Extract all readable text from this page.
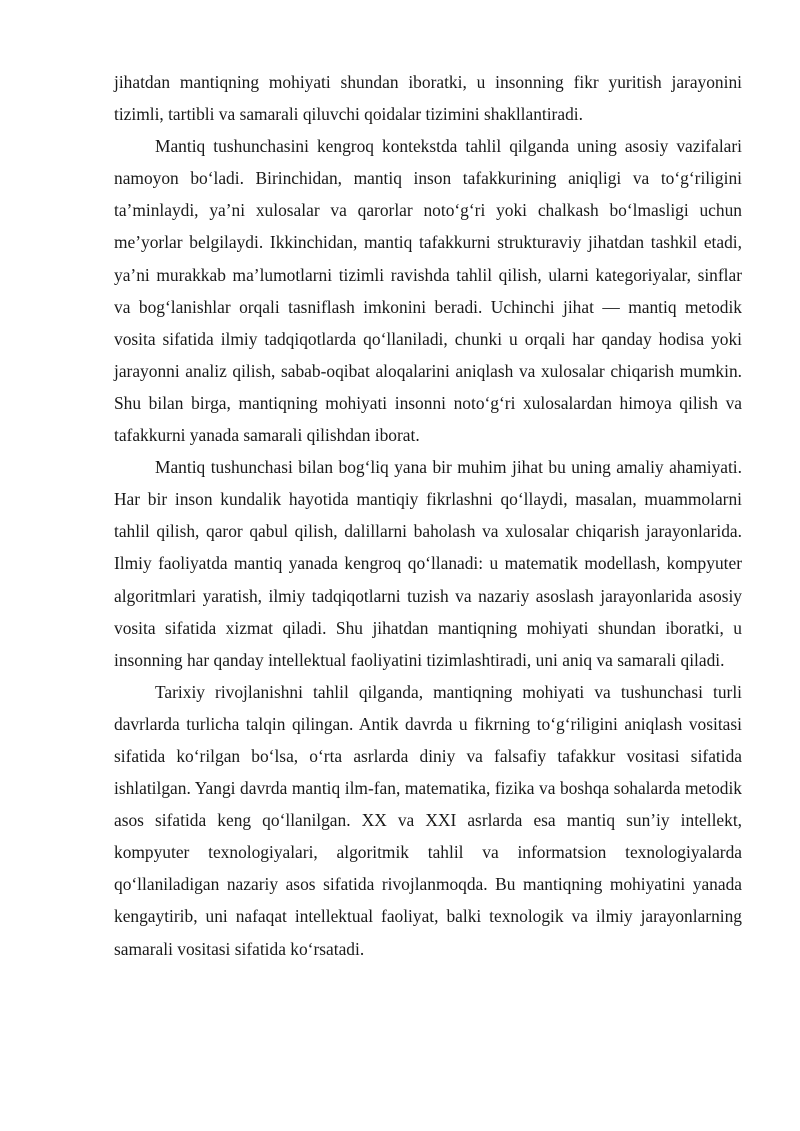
jihatdan mantiqning mohiyati shundan iboratki, u insonning fikr yuritish jarayonini tizimli, tartibli va samarali qiluvchi qoidalar tizimini shakllantiradi.

Mantiq tushunchasini kengroq kontekstda tahlil qilganda uning asosiy vazifalari namoyon bo‘ladi. Birinchidan, mantiq inson tafakkurining aniqligi va to‘g‘riligini ta’minlaydi, ya’ni xulosalar va qarorlar noto‘g‘ri yoki chalkash bo‘lmasligi uchun me’yorlar belgilaydi. Ikkinchidan, mantiq tafakkurni strukturaviy jihatdan tashkil etadi, ya’ni murakkab ma’lumotlarni tizimli ravishda tahlil qilish, ularni kategoriyalar, sinflar va bog‘lanishlar orqali tasniflash imkonini beradi. Uchinchi jihat — mantiq metodik vosita sifatida ilmiy tadqiqotlarda qo‘llaniladi, chunki u orqali har qanday hodisa yoki jarayonni analiz qilish, sabab-oqibat aloqalarini aniqlash va xulosalar chiqarish mumkin. Shu bilan birga, mantiqning mohiyati insonni noto‘g‘ri xulosalardan himoya qilish va tafakkurni yanada samarali qilishdan iborat.

Mantiq tushunchasi bilan bog‘liq yana bir muhim jihat bu uning amaliy ahamiyati. Har bir inson kundalik hayotida mantiqiy fikrlashni qo‘llaydi, masalan, muammolarni tahlil qilish, qaror qabul qilish, dalillarni baholash va xulosalar chiqarish jarayonlarida. Ilmiy faoliyatda mantiq yanada kengroq qo‘llanadi: u matematik modellash, kompyuter algoritmlari yaratish, ilmiy tadqiqotlarni tuzish va nazariy asoslash jarayonlarida asosiy vosita sifatida xizmat qiladi. Shu jihatdan mantiqning mohiyati shundan iboratki, u insonning har qanday intellektual faoliyatini tizimlashtiradi, uni aniq va samarali qiladi.

Tarixiy rivojlanishni tahlil qilganda, mantiqning mohiyati va tushunchasi turli davrlarda turlicha talqin qilingan. Antik davrda u fikrning to‘g‘riligini aniqlash vositasi sifatida ko‘rilgan bo‘lsa, o‘rta asrlarda diniy va falsafiy tafakkur vositasi sifatida ishlatilgan. Yangi davrda mantiq ilm-fan, matematika, fizika va boshqa sohalarda metodik asos sifatida keng qo‘llanilgan. XX va XXI asrlarda esa mantiq sun’iy intellekt, kompyuter texnologiyalari, algoritmik tahlil va informatsion texnologiyalarda qo‘llaniladigan nazariy asos sifatida rivojlanmoqda. Bu mantiqning mohiyatini yanada kengaytirib, uni nafaqat intellektual faoliyat, balki texnologik va ilmiy jarayonlarning samarali vositasi sifatida ko‘rsatadi.
